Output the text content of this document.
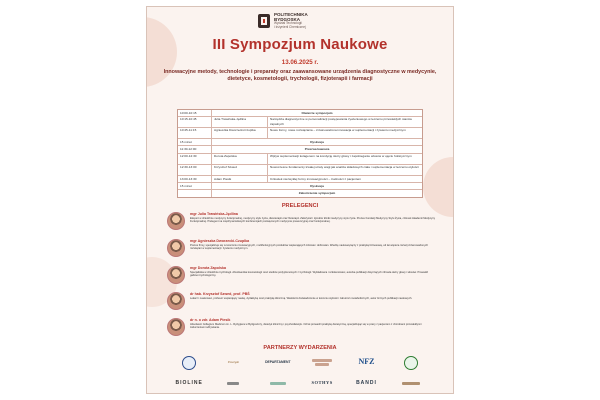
POLITECHNIKA
BYDGOSKA
Wydział Technologii
i Inżynierii Chemicznej
III Sympozjum Naukowe
13.06.2025 r.
Innowacyjne metody, technologie i preparaty oraz zaawansowane urządzenia diagnostyczne w medycynie, dietetyce, kosmetologii, trychologii, fizjoterapii i farmacji
10:00-10:15	Otwarcie sympozjum
10:15-10:45	Julia Trawińska-Jędlina	Narzędzia diagnostyczne w personalizacji postępowania żywieniowego w leczeniu przewlekłych stanów zapalnych
10:45-11:15	Agnieszka Dworzecki-Czuplka	Nowe formy, nowe rozwiązania – zrównoważona innowacja w suplementacji i żywieniu medycznym
15 minut	Dyskusja
11:30-12:00	Przerwa kawowa
12:00-12:30	Dorota Zapolska	Wpływ suplementacji kolagenem na kondycję skóry głowy i zapobieganie włosów w ujęciu holistycznym
12:30-13:00	Krzysztof Szwed	Nowoczesne fundamenty trwałej utraty wagi jak analiza składowych ciała i suplementacja w leczeniu otyłości
13:00-13:30	Adam Piesik	Człowiek niezwykłej formy innowacyjności – trudności z pacjentem
15 minut	Dyskusja
Zakończenie sympozjum
PRELEGENCI
mgr Julia Trawińska-Jędlina
Ekspert w dziedzinie medycyny funkcjonalnej, medycyny stylu życia, dietoterapii oraz fitoterapii. Założyciel i dyrektor kliniki medycyny stylu życia. Prezes Fundacji Medycyny Stylu Życia, członek Akademii Medycyny Funkcjonalnej. Prelegent na międzynarodowych konferencjach poświęconych medycynie prewencyjnej oraz funkcjonalnej.
mgr Agnieszka Dworzecki-Czuplka
Prezes firmy, specjalizuje się w tworzeniu innowacyjnych, multifunkcyjnych produktów wspierających zdrowie i dobrostan. Wiedzę naukową łączy z praktyką biznesową, od lat wspiera rozwój zrównoważonych rozwiązań w suplementacji i żywieniu medycznym.
mgr Dorota Zapolska
Specjalistka w dziedzinie trychologii. Absolwentka kosmetologii oraz studiów podyplomowych z trychologii. Wykładowca i szkoleniowiec, autorka publikacji dotyczących zdrowia skóry głowy i włosów. Prowadzi gabinet trychologiczny.
dr hab. Krzysztof Szwed, prof. PBŚ
Lekarz i naukowiec, profesor wspierający naukę, dydaktykę oraz praktykę kliniczną. Wieloletni doświadczenie w leczeniu otyłości i zaburzeń metabolicznych, autor licznych publikacji naukowych.
dr n. o zdr. Adam Piesik
Absolwent Collegium Medicum im. L. Rydygiera w Bydgoszczy, dietetyk kliniczny i psychodietetyk. Od lat prowadzi praktykę dietetyczną, specjalizując się w pracy z pacjentem z chorobami przewlekłymi i zaburzeniami odżywiania.
PARTNERZY WYDARZENIA
Energie	DEPARTAMENT	NFZ
BIOLINE	SOTHYS	BANDI
